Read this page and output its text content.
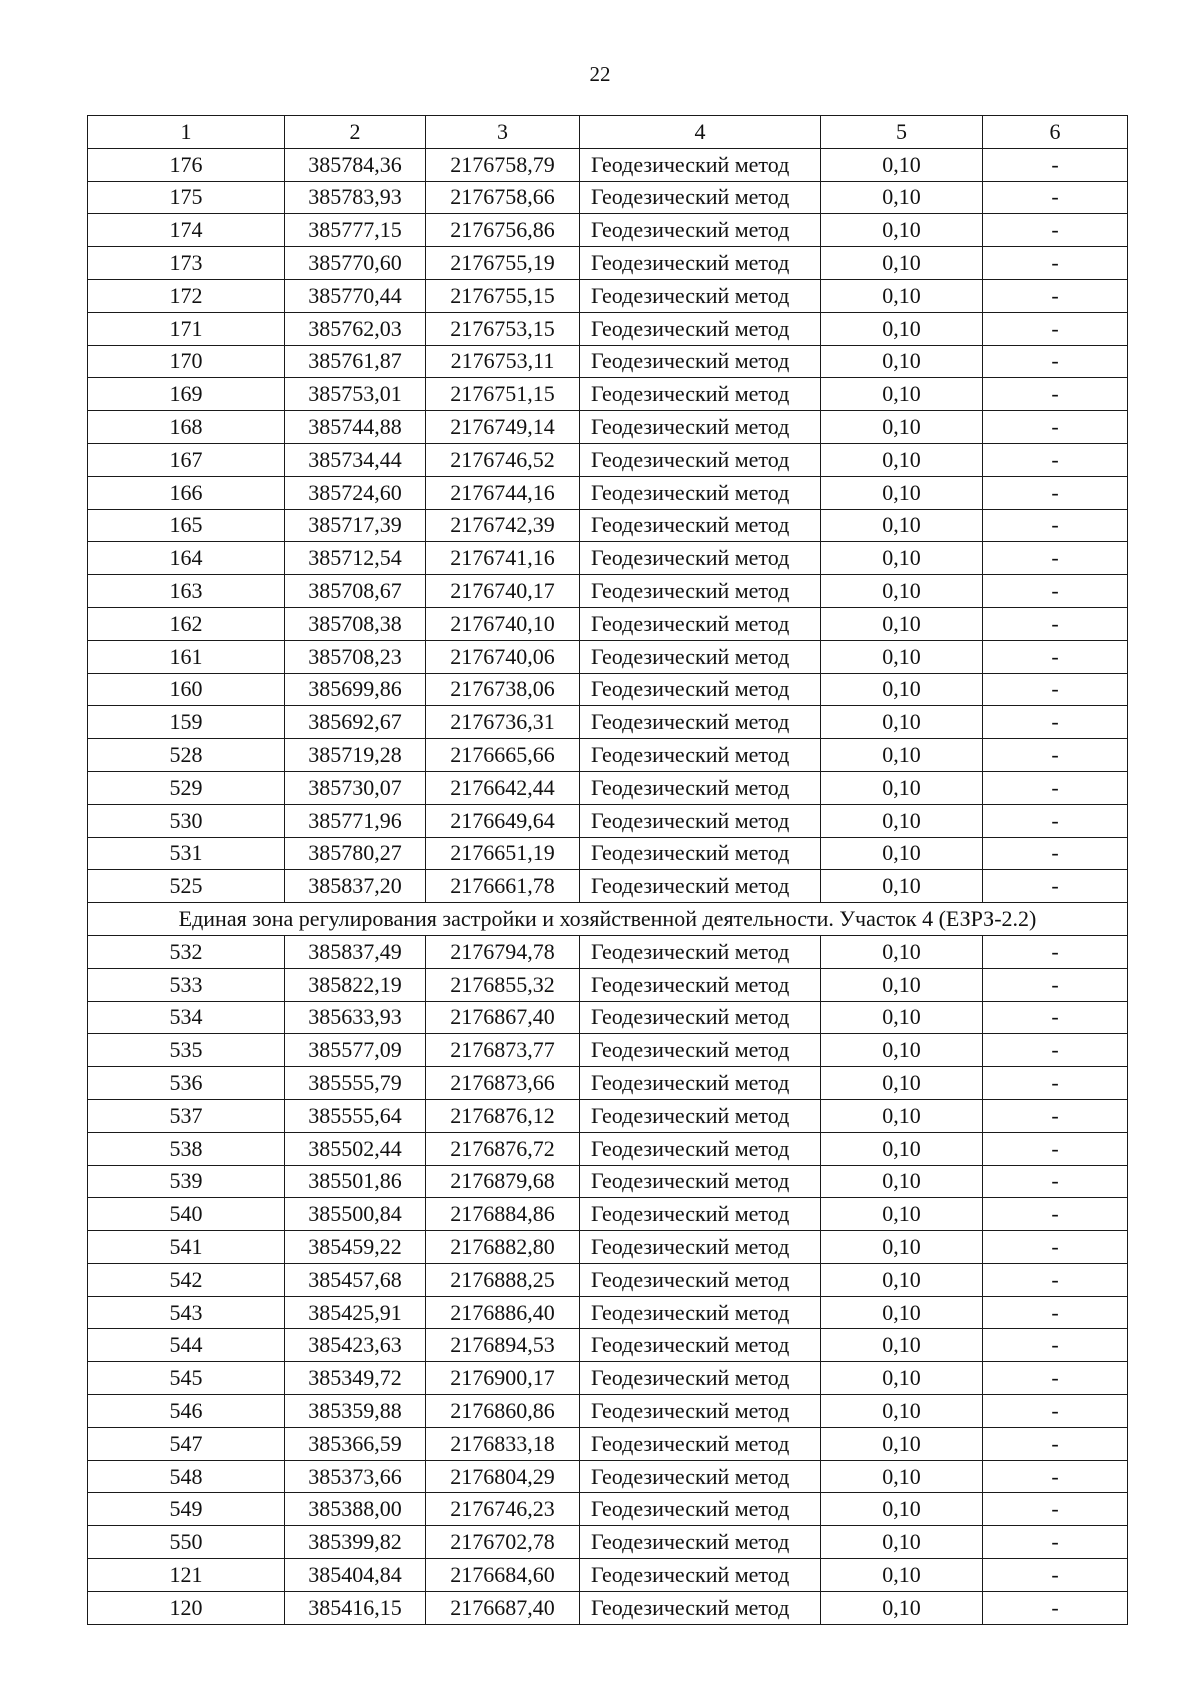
22
1	2	3	4	5	6
176	385784,36	2176758,79	Геодезический метод	0,10	-
175	385783,93	2176758,66	Геодезический метод	0,10	-
174	385777,15	2176756,86	Геодезический метод	0,10	-
173	385770,60	2176755,19	Геодезический метод	0,10	-
172	385770,44	2176755,15	Геодезический метод	0,10	-
171	385762,03	2176753,15	Геодезический метод	0,10	-
170	385761,87	2176753,11	Геодезический метод	0,10	-
169	385753,01	2176751,15	Геодезический метод	0,10	-
168	385744,88	2176749,14	Геодезический метод	0,10	-
167	385734,44	2176746,52	Геодезический метод	0,10	-
166	385724,60	2176744,16	Геодезический метод	0,10	-
165	385717,39	2176742,39	Геодезический метод	0,10	-
164	385712,54	2176741,16	Геодезический метод	0,10	-
163	385708,67	2176740,17	Геодезический метод	0,10	-
162	385708,38	2176740,10	Геодезический метод	0,10	-
161	385708,23	2176740,06	Геодезический метод	0,10	-
160	385699,86	2176738,06	Геодезический метод	0,10	-
159	385692,67	2176736,31	Геодезический метод	0,10	-
528	385719,28	2176665,66	Геодезический метод	0,10	-
529	385730,07	2176642,44	Геодезический метод	0,10	-
530	385771,96	2176649,64	Геодезический метод	0,10	-
531	385780,27	2176651,19	Геодезический метод	0,10	-
525	385837,20	2176661,78	Геодезический метод	0,10	-
Единая зона регулирования застройки и хозяйственной деятельности. Участок 4 (ЕЗРЗ-2.2)					
532	385837,49	2176794,78	Геодезический метод	0,10	-
533	385822,19	2176855,32	Геодезический метод	0,10	-
534	385633,93	2176867,40	Геодезический метод	0,10	-
535	385577,09	2176873,77	Геодезический метод	0,10	-
536	385555,79	2176873,66	Геодезический метод	0,10	-
537	385555,64	2176876,12	Геодезический метод	0,10	-
538	385502,44	2176876,72	Геодезический метод	0,10	-
539	385501,86	2176879,68	Геодезический метод	0,10	-
540	385500,84	2176884,86	Геодезический метод	0,10	-
541	385459,22	2176882,80	Геодезический метод	0,10	-
542	385457,68	2176888,25	Геодезический метод	0,10	-
543	385425,91	2176886,40	Геодезический метод	0,10	-
544	385423,63	2176894,53	Геодезический метод	0,10	-
545	385349,72	2176900,17	Геодезический метод	0,10	-
546	385359,88	2176860,86	Геодезический метод	0,10	-
547	385366,59	2176833,18	Геодезический метод	0,10	-
548	385373,66	2176804,29	Геодезический метод	0,10	-
549	385388,00	2176746,23	Геодезический метод	0,10	-
550	385399,82	2176702,78	Геодезический метод	0,10	-
121	385404,84	2176684,60	Геодезический метод	0,10	-
120	385416,15	2176687,40	Геодезический метод	0,10	-
